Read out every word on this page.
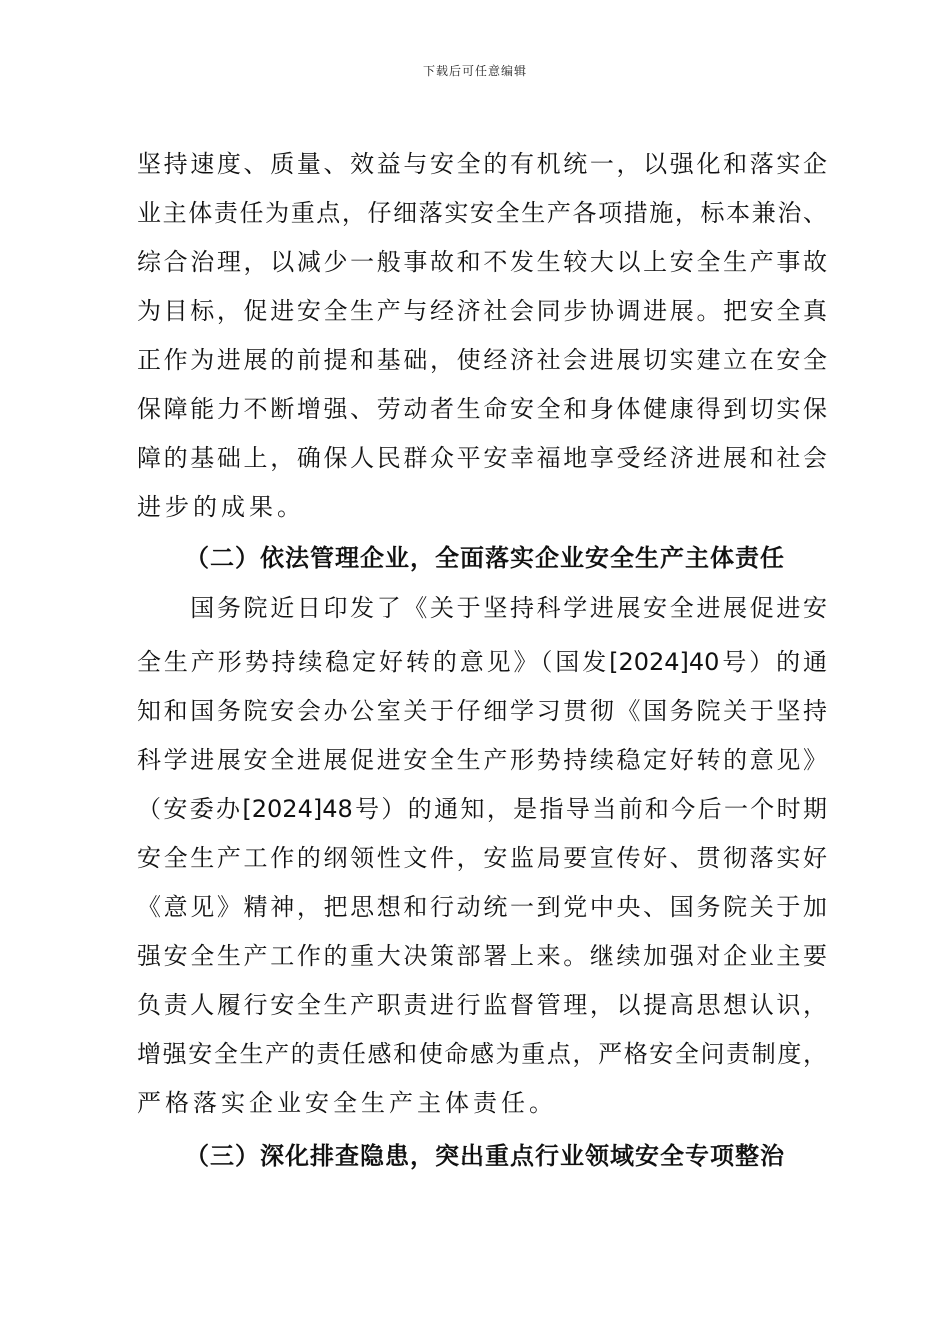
下载后可任意编辑
坚持速度、质量、效益与安全的有机统一，以强化和落实企
业主体责任为重点，仔细落实安全生产各项措施，标本兼治、
综合治理，以减少一般事故和不发生较大以上安全生产事故
为目标，促进安全生产与经济社会同步协调进展。把安全真
正作为进展的前提和基础，使经济社会进展切实建立在安全
保障能力不断增强、劳动者生命安全和身体健康得到切实保
障的基础上，确保人民群众平安幸福地享受经济进展和社会
进步的成果。
（二）依法管理企业，全面落实企业安全生产主体责任
　　国务院近日印发了《关于坚持科学进展安全进展促进安
全生产形势持续稳定好转的意见》（国发[2024]40号）的通
知和国务院安会办公室关于仔细学习贯彻《国务院关于坚持
科学进展安全进展促进安全生产形势持续稳定好转的意见》
（安委办[2024]48号）的通知，是指导当前和今后一个时期
安全生产工作的纲领性文件，安监局要宣传好、贯彻落实好
《意见》精神，把思想和行动统一到党中央、国务院关于加
强安全生产工作的重大决策部署上来。继续加强对企业主要
负责人履行安全生产职责进行监督管理，以提高思想认识，
增强安全生产的责任感和使命感为重点，严格安全问责制度，
严格落实企业安全生产主体责任。
（三）深化排查隐患，突出重点行业领域安全专项整治
